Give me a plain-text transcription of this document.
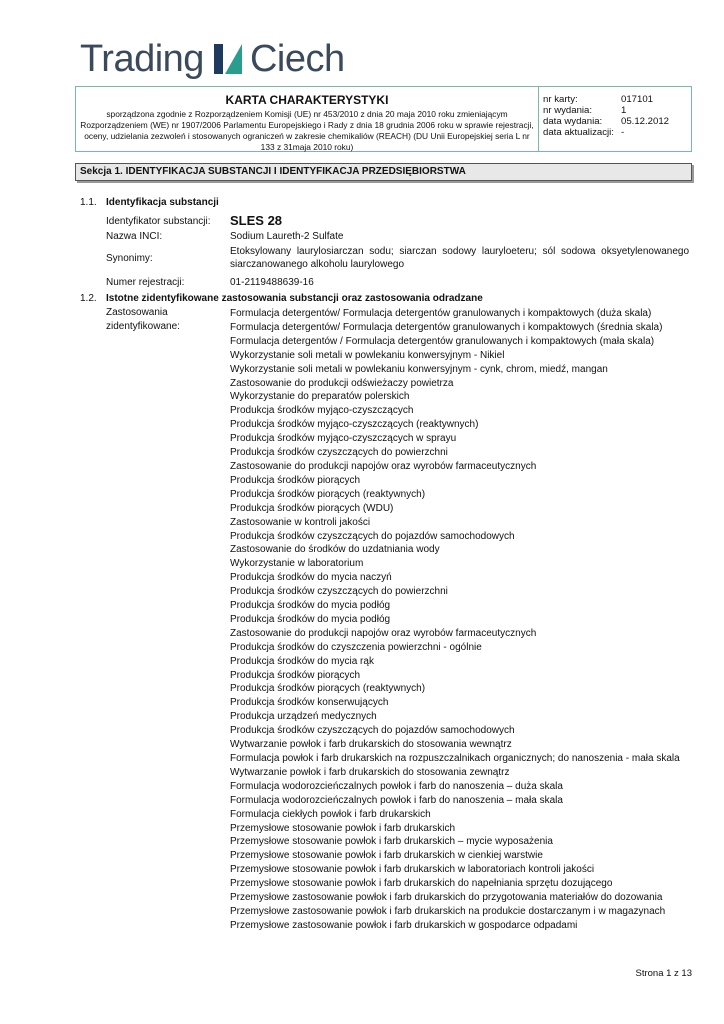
Trading Ciech
KARTA CHARAKTERYSTYKI
sporządzona zgodnie z Rozporządzeniem Komisji (UE) nr 453/2010 z dnia 20 maja 2010 roku zmieniającym Rozporządzeniem (WE) nr 1907/2006 Parlamentu Europejskiego i Rady z dnia 18 grudnia 2006 roku w sprawie rejestracji, oceny, udzielania zezwoleń i stosowanych ograniczeń w zakresie chemikaliów (REACH) (DU Unii Europejskiej seria L nr 133 z 31maja 2010 roku)
nr karty:	017101
nr wydania:	1
data wydania:	05.12.2012
data aktualizacji: -
Sekcja 1. IDENTYFIKACJA SUBSTANCJI I IDENTYFIKACJA PRZEDSIĘBIORSTWA
1.1. Identyfikacja substancji
Identyfikator substancji: SLES 28
Nazwa INCI:	Sodium Laureth-2 Sulfate
Synonimy:
Etoksylowany laurylosiarczan sodu; siarczan sodowy lauryloeteru; sól sodowa oksyetylenowanego siarczanowanego alkoholu laurylowego
Numer rejestracji:	01-2119488639-16
1.2. Istotne zidentyfikowane zastosowania substancji oraz zastosowania odradzane
Zastosowania
zidentyfikowane:
Formulacja detergentów/ Formulacja detergentów granulowanych i kompaktowych (duża skala)
Formulacja detergentów/ Formulacja detergentów granulowanych i kompaktowych (średnia skala)
Formulacja detergentów / Formulacja detergentów granulowanych i kompaktowych (mała skala)
Wykorzystanie soli metali w powlekaniu konwersyjnym - Nikiel
Wykorzystanie soli metali w powlekaniu konwersyjnym - cynk, chrom, miedź, mangan
Zastosowanie do produkcji odświeżaczy powietrza
Wykorzystanie do preparatów polerskich
Produkcja środków myjąco-czyszczących
Produkcja środków myjąco-czyszczących (reaktywnych)
Produkcja środków myjąco-czyszczących w sprayu
Produkcja środków czyszczących do powierzchni
Zastosowanie do produkcji napojów oraz wyrobów farmaceutycznych
Produkcja środków piorących
Produkcja środków piorących (reaktywnych)
Produkcja środków piorących (WDU)
Zastosowanie w kontroli jakości
Produkcja środków czyszczących do pojazdów samochodowych
Zastosowanie do środków do uzdatniania wody
Wykorzystanie w laboratorium
Produkcja środków do mycia naczyń
Produkcja środków czyszczących do powierzchni
Produkcja środków do mycia podłóg
Produkcja środków do mycia podłóg
Zastosowanie do produkcji napojów oraz wyrobów farmaceutycznych
Produkcja środków do czyszczenia powierzchni - ogólnie
Produkcja środków do mycia rąk
Produkcja środków piorących
Produkcja środków piorących (reaktywnych)
Produkcja środków konserwujących
Produkcja urządzeń medycznych
Produkcja środków czyszczących do pojazdów samochodowych
Wytwarzanie powłok i farb drukarskich do stosowania wewnątrz
Formulacja powłok i farb drukarskich na rozpuszczalnikach organicznych; do nanoszenia - mała skala
Wytwarzanie powłok i farb drukarskich do stosowania zewnątrz
Formulacja wodorozcieńczalnych powłok i farb do nanoszenia – duża skala
Formulacja wodorozcieńczalnych powłok i farb do nanoszenia – mała skala
Formulacja ciekłych powłok i farb drukarskich
Przemysłowe stosowanie powłok i farb drukarskich
Przemysłowe stosowanie powłok i farb drukarskich – mycie wyposażenia
Przemysłowe stosowanie powłok i farb drukarskich w cienkiej warstwie
Przemysłowe stosowanie powłok i farb drukarskich w laboratoriach kontroli jakości
Przemysłowe stosowanie powłok i farb drukarskich do napełniania sprzętu dozującego
Przemysłowe zastosowanie powłok i farb drukarskich do przygotowania materiałów do dozowania
Przemysłowe zastosowanie powłok i farb drukarskich na produkcie dostarczanym i w magazynach
Przemysłowe zastosowanie powłok i farb drukarskich w gospodarce odpadami
Strona 1 z 13
